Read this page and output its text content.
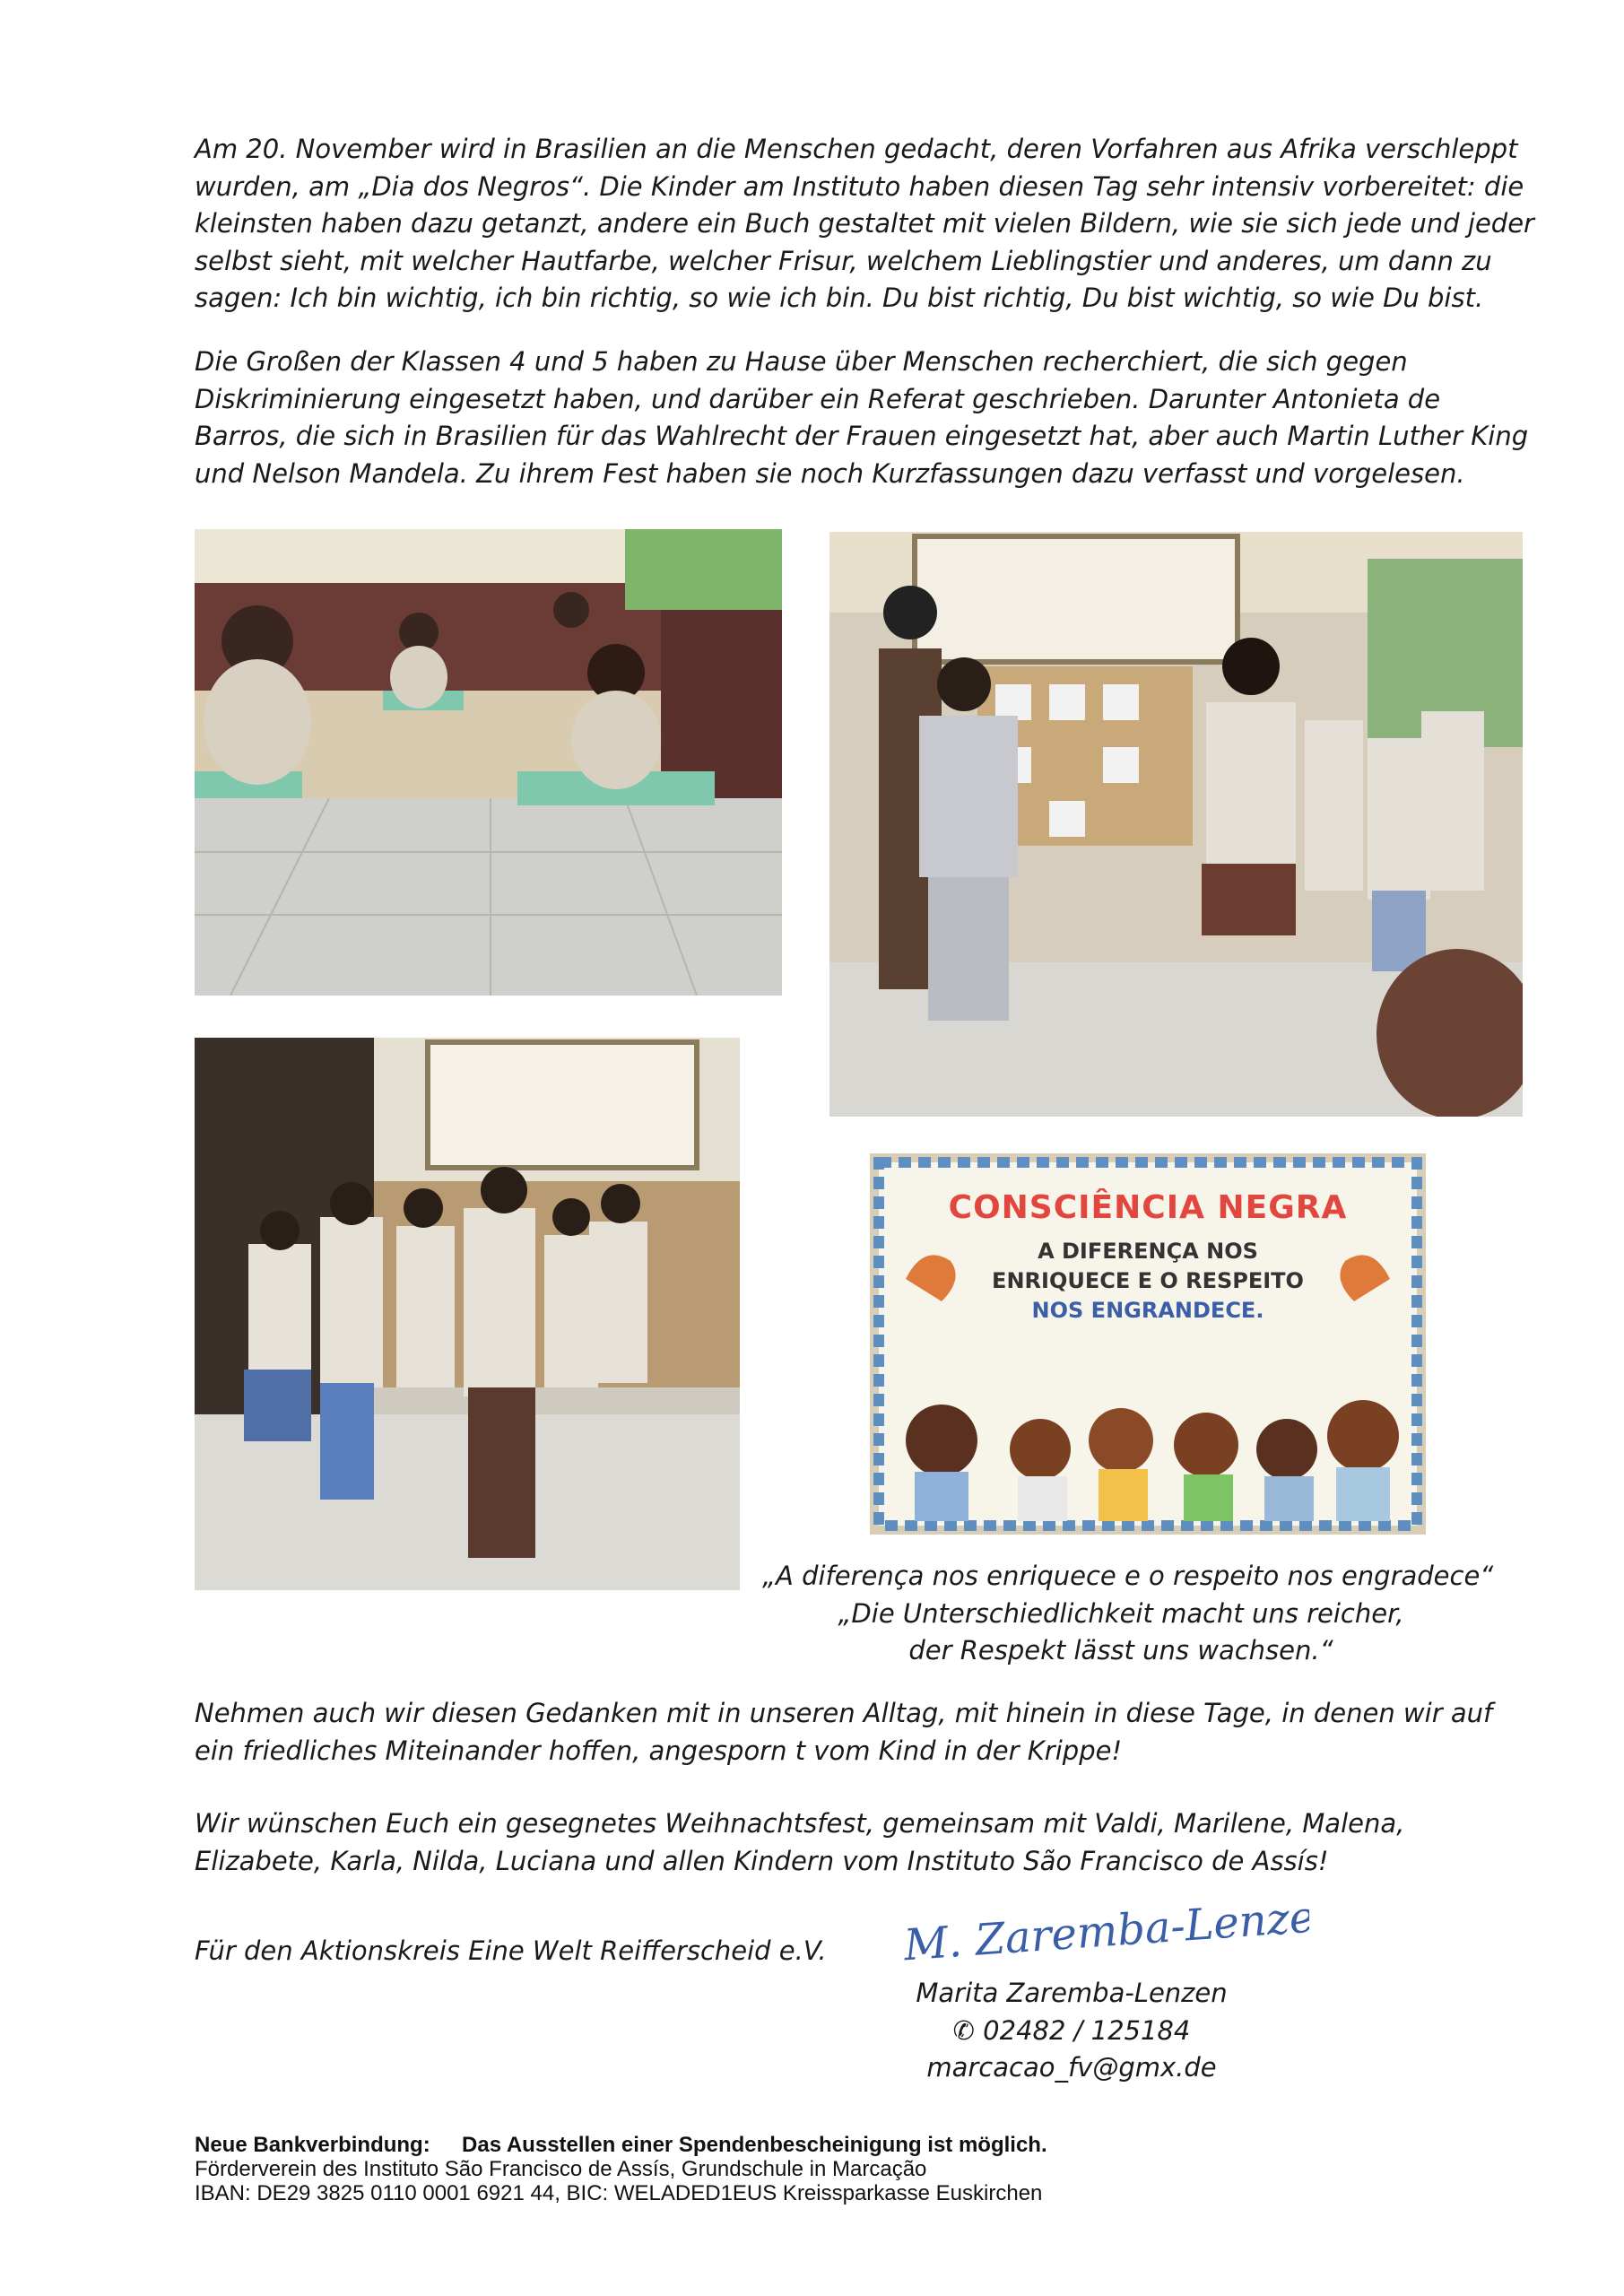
Am 20. November wird in Brasilien an die Menschen gedacht, deren Vorfahren aus Afrika verschleppt wurden, am „Dia dos Negros“. Die Kinder am Instituto haben diesen Tag sehr intensiv vorbereitet: die kleinsten haben dazu getanzt, andere ein Buch gestaltet mit vielen Bildern, wie sie sich jede und jeder selbst sieht, mit welcher Hautfarbe, welcher Frisur, welchem Lieblingstier und anderes, um dann zu sagen: Ich bin wichtig, ich bin richtig, so wie ich bin. Du bist richtig, Du bist wichtig, so wie Du bist.

Die Großen der Klassen 4 und 5 haben zu Hause über Menschen recherchiert, die sich gegen Diskriminierung eingesetzt haben, und darüber ein Referat geschrieben. Darunter Antonieta de Barros, die sich in Brasilien für das Wahlrecht der Frauen eingesetzt hat, aber auch Martin Luther King und Nelson Mandela. Zu ihrem Fest haben sie noch Kurzfassungen dazu verfasst und vorgelesen.

CONSCIÊNCIA NEGRA
A DIFERENÇA NOS
ENRIQUECE E O RESPEITO
NOS ENGRANDECE.
„A diferença nos enriquece e o respeito nos engradece“
„Die Unterschiedlichkeit macht uns reicher,
der Respekt lässt uns wachsen.“

Nehmen auch wir diesen Gedanken mit in unseren Alltag, mit hinein in diese Tage, in denen wir auf ein friedliches Miteinander hoffen, angesporn t vom Kind in der Krippe!

Wir wünschen Euch ein gesegnetes Weihnachtsfest, gemeinsam mit Valdi, Marilene, Malena, Elizabete, Karla, Nilda, Luciana und allen Kindern vom Instituto São Francisco de Assís!

Für den Aktionskreis Eine Welt Reifferscheid e.V.	M. Zaremba-Lenzen
Marita Zaremba-Lenzen
✆ 02482 / 125184
marcacao_fv@gmx.de
Neue Bankverbindung: Das Ausstellen einer Spendenbescheinigung ist möglich.
Förderverein des Instituto São Francisco de Assís, Grundschule in Marcação
IBAN: DE29 3825 0110 0001 6921 44, BIC: WELADED1EUS Kreissparkasse Euskirchen
